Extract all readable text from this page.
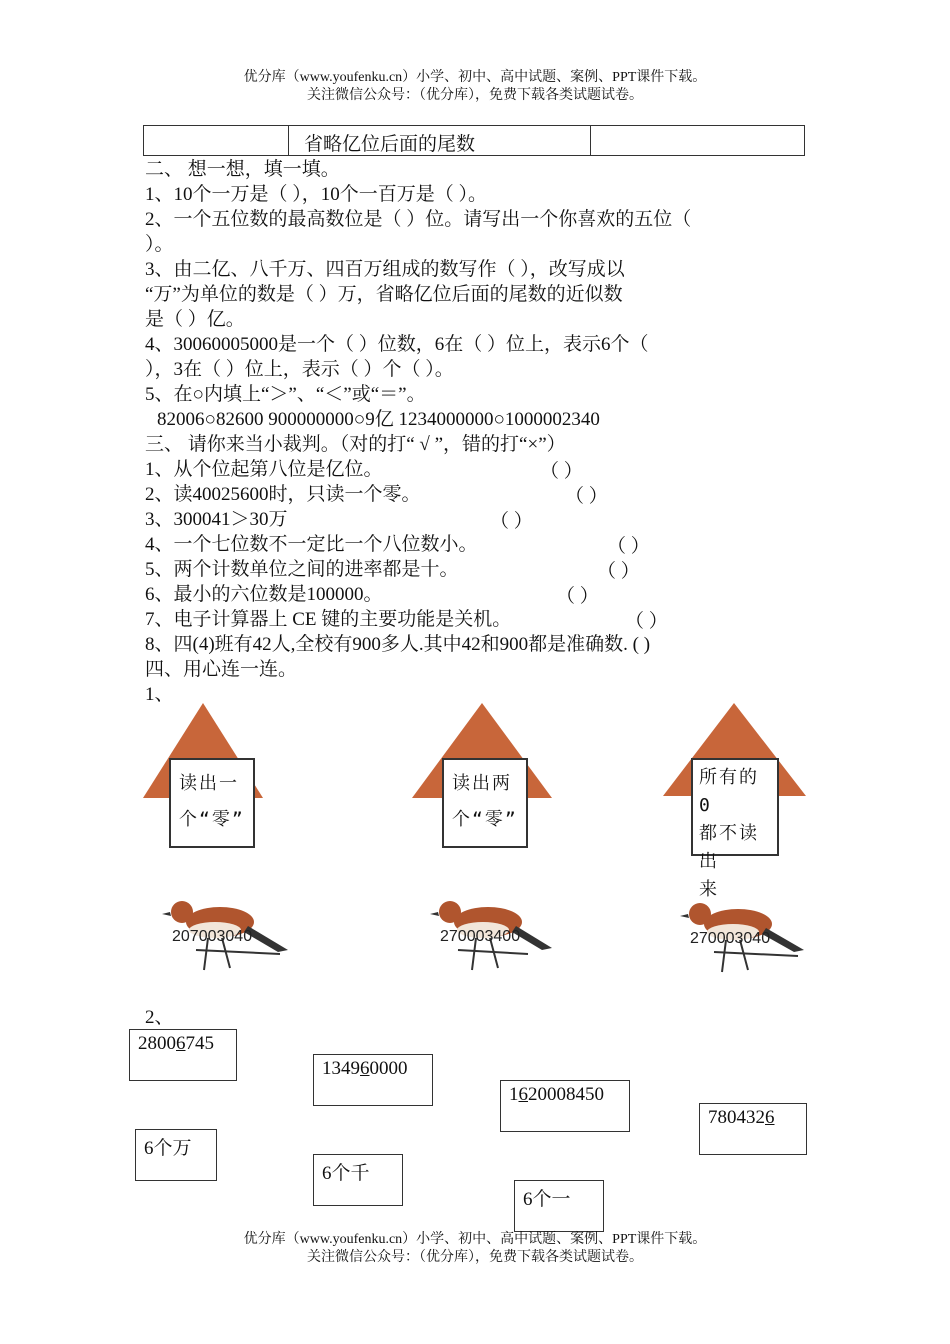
优分库（www.youfenku.cn）小学、初中、高中试题、案例、PPT课件下载。
关注微信公众号：（优分库），免费下载各类试题试卷。
省略亿位后面的尾数
二、 想一想，填一填。
1、10个一万是（ ），10个一百万是（ ）。
2、一个五位数的最高数位是（ ）位。请写出一个你喜欢的五位（
）。
3、由二亿、八千万、四百万组成的数写作（ ），改写成以
“万”为单位的数是（ ）万，省略亿位后面的尾数的近似数
是（ ）亿。
4、30060005000是一个（ ）位数，6在（ ）位上，表示6个（
），3在（ ）位上，表示（ ）个（ ）。
5、在○内填上“＞”、“＜”或“＝”。
82006○82600 900000000○9亿 1234000000○1000002340
三、 请你来当小裁判。（对的打“ √ ”，错的打“×”）
1、从个位起第八位是亿位。	（ ）
2、读40025600时，只读一个零。	（ ）
3、300041＞30万	（ ）
4、一个七位数不一定比一个八位数小。	（ ）
5、两个计数单位之间的进率都是十。	（ ）
6、最小的六位数是100000。	（ ）
7、电子计算器上 CE 键的主要功能是关机。	（ ）
8、四(4)班有42人,全校有900多人.其中42和900都是准确数. ( )
四、用心连一连。
1、
读出一
个“零”
读出两
个“零”
所有的0
都不读出
来
207003040	270003400	270003040
2、
28006745
134960000
1620008450
7804326
6个万
6个千
6个一
优分库（www.youfenku.cn）小学、初中、高中试题、案例、PPT课件下载。
关注微信公众号：（优分库），免费下载各类试题试卷。
